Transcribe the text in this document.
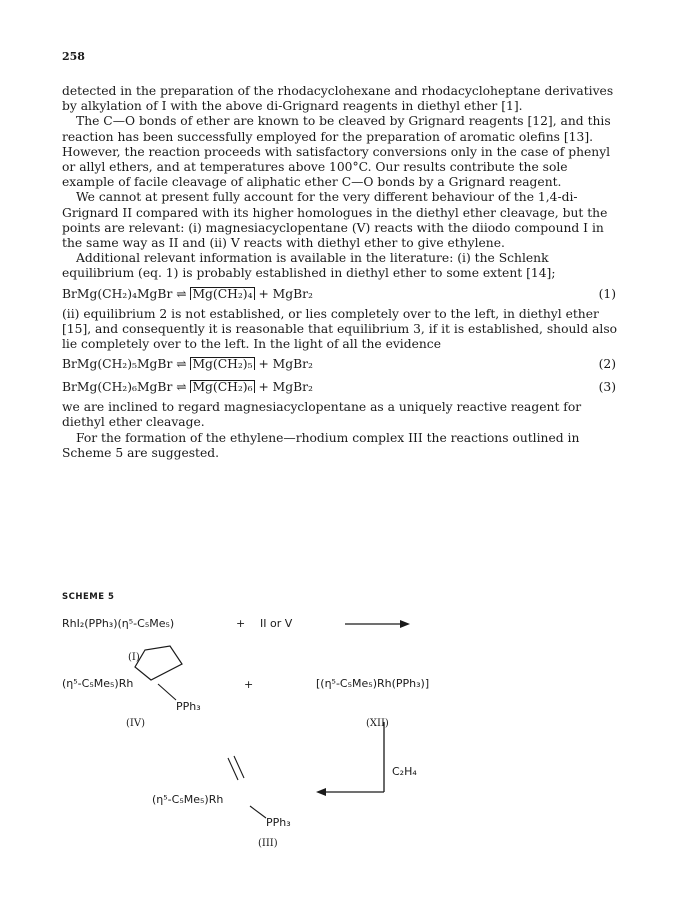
258

detected in the preparation of the rhodacyclohexane and rhodacycloheptane derivatives by alkylation of I with the above di-Grignard reagents in diethyl ether [1].

The C—O bonds of ether are known to be cleaved by Grignard reagents [12], and this reaction has been successfully employed for the preparation of aromatic olefins [13]. However, the reaction proceeds with satisfactory conversions only in the case of phenyl or allyl ethers, and at temperatures above 100°C. Our results contribute the sole example of facile cleavage of aliphatic ether C—O bonds by a Grignard reagent.

We cannot at present fully account for the very different behaviour of the 1,4-di-Grignard II compared with its higher homologues in the diethyl ether cleavage, but the points are relevant: (i) magnesiacyclopentane (V) reacts with the diiodo compound I in the same way as II and (ii) V reacts with diethyl ether to give ethylene.

Additional relevant information is available in the literature: (i) the Schlenk equilibrium (eq. 1) is probably established in diethyl ether to some extent [14];

BrMg(CH₂)₄MgBr ⇌ Mg(CH₂)₄ + MgBr₂	(1)

(ii) equilibrium 2 is not established, or lies completely over to the left, in diethyl ether [15], and consequently it is reasonable that equilibrium 3, if it is established, should also lie completely over to the left. In the light of all the evidence

BrMg(CH₂)₅MgBr ⇌ Mg(CH₂)₅ + MgBr₂	(2)
BrMg(CH₂)₆MgBr ⇌ Mg(CH₂)₆ + MgBr₂	(3)

we are inclined to regard magnesiacyclopentane as a uniquely reactive reagent for diethyl ether cleavage.

For the formation of the ethylene—rhodium complex III the reactions outlined in Scheme 5 are suggested.

SCHEME 5
RhI₂(PPh₃)(η⁵-C₅Me₅)	+ II or V
(I)
(η⁵-C₅Me₅)Rh
PPh₃
(IV)
+	[(η⁵-C₅Me₅)Rh(PPh₃)]
(XII)
C₂H₄
(η⁵-C₅Me₅)Rh
PPh₃
(III)
